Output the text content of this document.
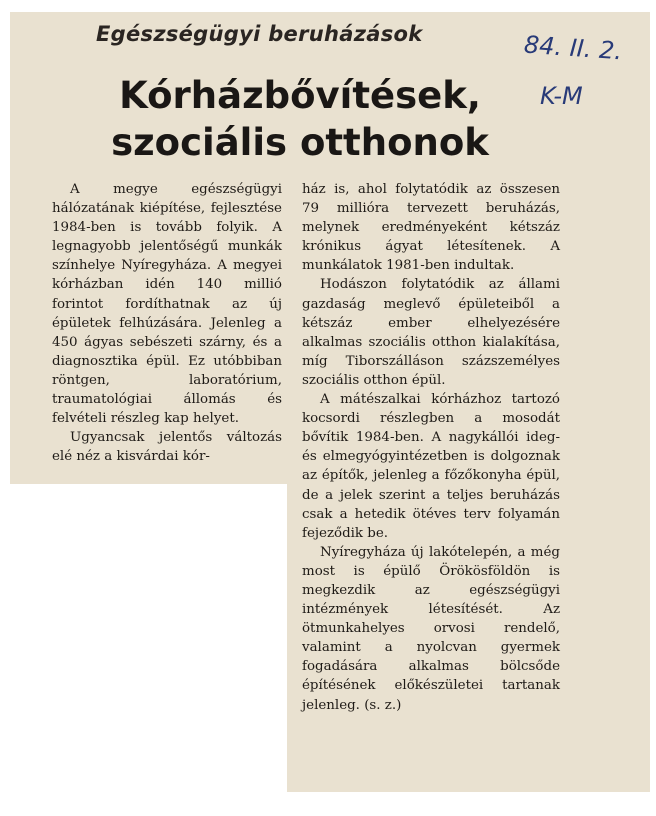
Egészségügyi beruházások
Kórházbővítések,
szociális otthonok
84. II. 2.
K-M

A megye egészségügyi hálózatának kiépítése, fejlesztése 1984-ben is tovább folyik. A legnagyobb jelentőségű munkák színhelye Nyíregyháza. A megyei kórházban idén 140 millió forintot fordíthatnak az új épületek felhúzására. Jelenleg a 450 ágyas sebészeti szárny, és a diagnosztika épül. Ez utóbbiban röntgen, laboratórium, traumatológiai állomás és felvételi részleg kap helyet.

Ugyancsak jelentős változás elé néz a kisvárdai kór-

ház is, ahol folytatódik az összesen 79 millióra tervezett beruházás, melynek eredményeként kétszáz krónikus ágyat létesítenek. A munkálatok 1981-ben indultak.

Hodászon folytatódik az állami gazdaság meglevő épületeiből a kétszáz ember elhelyezésére alkalmas szociális otthon kialakítása, míg Tiborszálláson százszemélyes szociális otthon épül.

A mátészalkai kórházhoz tartozó kocsordi részlegben a mosodát bővítik 1984-ben. A nagykállói ideg- és elmegyógyintézetben is dolgoznak az építők, jelenleg a főzőkonyha épül, de a jelek szerint a teljes beruházás csak a hetedik ötéves terv folyamán fejeződik be.

Nyíregyháza új lakótelepén, a még most is épülő Örökösföldön is megkezdik az egészségügyi intézmények létesítését. Az ötmunkahelyes orvosi rendelő, valamint a nyolcvan gyermek fogadására alkalmas bölcsőde építésének előkészületei tartanak jelenleg. (s. z.)
